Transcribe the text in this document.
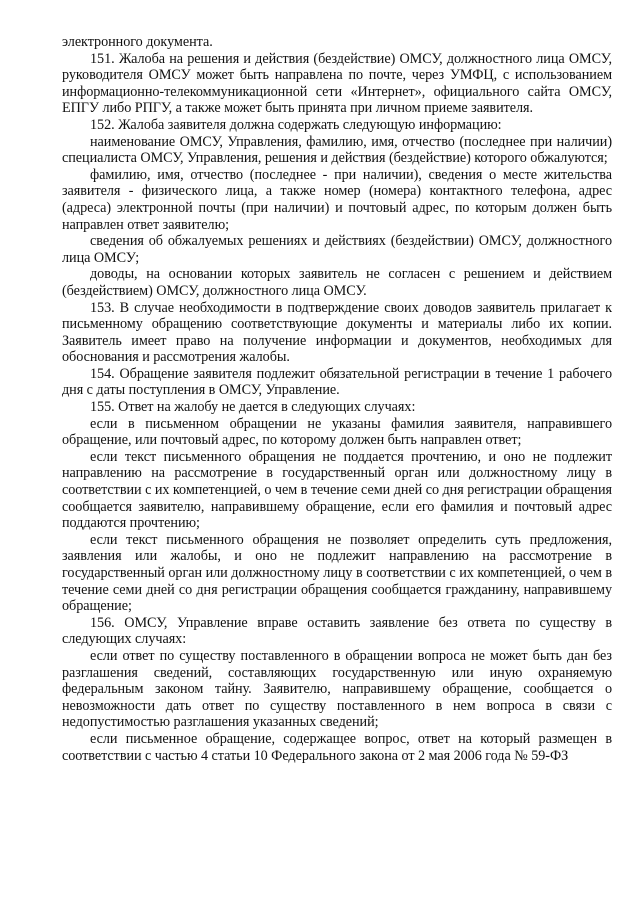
электронного документа.

151. Жалоба на решения и действия (бездействие) ОМСУ, должностного лица ОМСУ, руководителя ОМСУ может быть направлена по почте, через УМФЦ, с использованием информационно-телекоммуникационной сети «Интернет», официального сайта ОМСУ, ЕПГУ либо РПГУ, а также может быть принята при личном приеме заявителя.

152. Жалоба заявителя должна содержать следующую информацию:

наименование ОМСУ, Управления, фамилию, имя, отчество (последнее при наличии) специалиста ОМСУ, Управления, решения и действия (бездействие) которого обжалуются;

фамилию, имя, отчество (последнее - при наличии), сведения о месте жительства заявителя - физического лица, а также номер (номера) контактного телефона, адрес (адреса) электронной почты (при наличии) и почтовый адрес, по которым должен быть направлен ответ заявителю;

сведения об обжалуемых решениях и действиях (бездействии) ОМСУ, должностного лица ОМСУ;

доводы, на основании которых заявитель не согласен с решением и действием (бездействием) ОМСУ, должностного лица ОМСУ.

153. В случае необходимости в подтверждение своих доводов заявитель прилагает к письменному обращению соответствующие документы и материалы либо их копии. Заявитель имеет право на получение информации и документов, необходимых для обоснования и рассмотрения жалобы.

154. Обращение заявителя подлежит обязательной регистрации в течение 1 рабочего дня с даты поступления в ОМСУ, Управление.

155. Ответ на жалобу не дается в следующих случаях:

если в письменном обращении не указаны фамилия заявителя, направившего обращение, или почтовый адрес, по которому должен быть направлен ответ;

если текст письменного обращения не поддается прочтению, и оно не подлежит направлению на рассмотрение в государственный орган или должностному лицу в соответствии с их компетенцией, о чем в течение семи дней со дня регистрации обращения сообщается заявителю, направившему обращение, если его фамилия и почтовый адрес поддаются прочтению;

если текст письменного обращения не позволяет определить суть предложения, заявления или жалобы, и оно не подлежит направлению на рассмотрение в государственный орган или должностному лицу в соответствии с их компетенцией, о чем в течение семи дней со дня регистрации обращения сообщается гражданину, направившему обращение;

156. ОМСУ, Управление вправе оставить заявление без ответа по существу в следующих случаях:

если ответ по существу поставленного в обращении вопроса не может быть дан без разглашения сведений, составляющих государственную или иную охраняемую федеральным законом тайну. Заявителю, направившему обращение, сообщается о невозможности дать ответ по существу поставленного в нем вопроса в связи с недопустимостью разглашения указанных сведений;

если письменное обращение, содержащее вопрос, ответ на который размещен в соответствии с частью 4 статьи 10 Федерального закона от 2 мая 2006 года № 59-ФЗ
